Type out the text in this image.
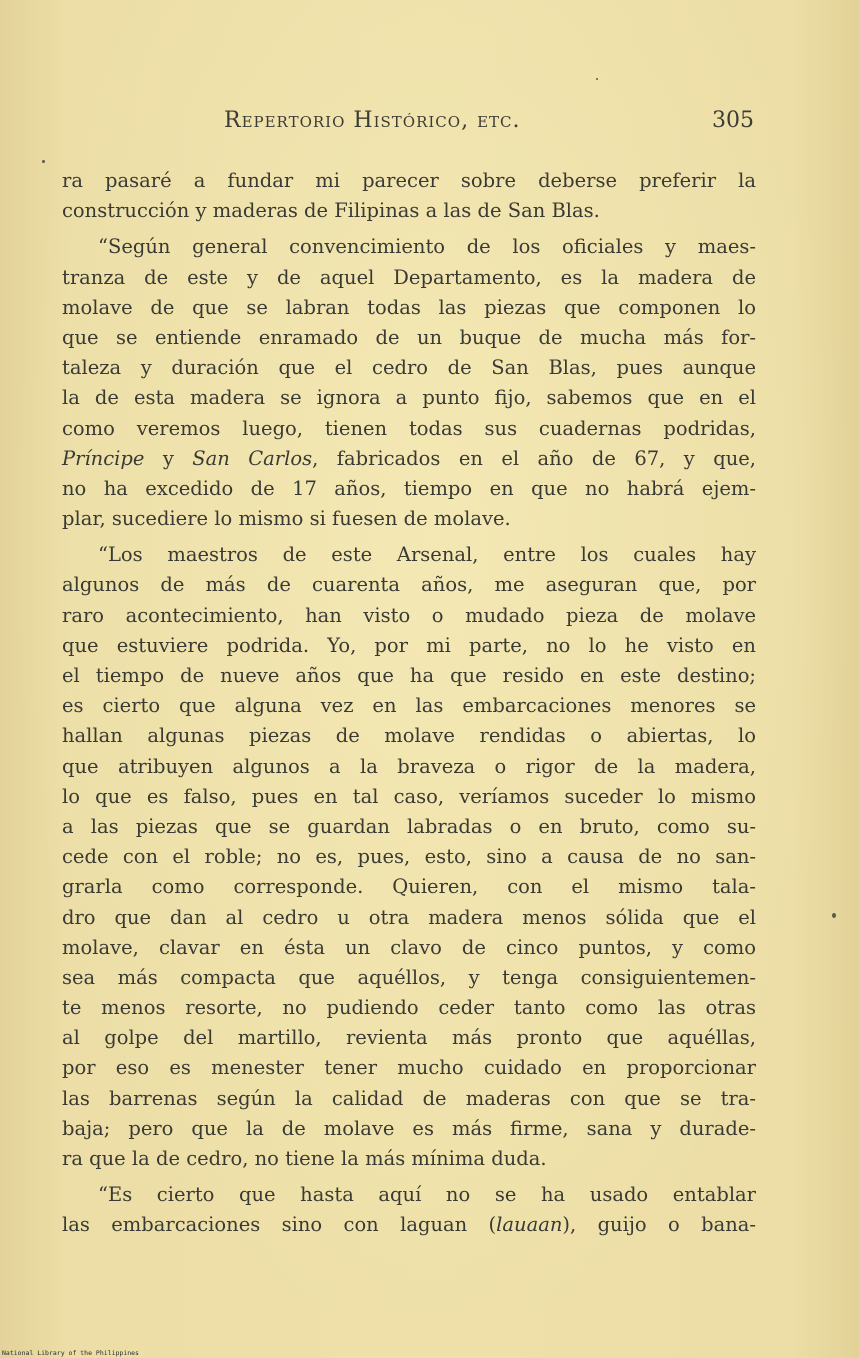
Repertorio Histórico, etc.	305
ra pasaré a fundar mi parecer sobre deberse preferir la
construcción y maderas de Filipinas a las de San Blas.
“Según general convencimiento de los oficiales y maes-
tranza de este y de aquel Departamento, es la madera de
molave de que se labran todas las piezas que componen lo
que se entiende enramado de un buque de mucha más for-
taleza y duración que el cedro de San Blas, pues aunque
la de esta madera se ignora a punto fijo, sabemos que en el
como veremos luego, tienen todas sus cuadernas podridas,
Príncipe y San Carlos, fabricados en el año de 67, y que,
no ha excedido de 17 años, tiempo en que no habrá ejem-
plar, sucediere lo mismo si fuesen de molave.
“Los maestros de este Arsenal, entre los cuales hay
algunos de más de cuarenta años, me aseguran que, por
raro acontecimiento, han visto o mudado pieza de molave
que estuviere podrida. Yo, por mi parte, no lo he visto en
el tiempo de nueve años que ha que resido en este destino;
es cierto que alguna vez en las embarcaciones menores se
hallan algunas piezas de molave rendidas o abiertas, lo
que atribuyen algunos a la braveza o rigor de la madera,
lo que es falso, pues en tal caso, veríamos suceder lo mismo
a las piezas que se guardan labradas o en bruto, como su-
cede con el roble; no es, pues, esto, sino a causa de no san-
grarla como corresponde. Quieren, con el mismo tala-
dro que dan al cedro u otra madera menos sólida que el
molave, clavar en ésta un clavo de cinco puntos, y como
sea más compacta que aquéllos, y tenga consiguientemen-
te menos resorte, no pudiendo ceder tanto como las otras
al golpe del martillo, revienta más pronto que aquéllas,
por eso es menester tener mucho cuidado en proporcionar
las barrenas según la calidad de maderas con que se tra-
baja; pero que la de molave es más firme, sana y durade-
ra que la de cedro, no tiene la más mínima duda.
“Es cierto que hasta aquí no se ha usado entablar
las embarcaciones sino con laguan (lauaan), guijo o bana-
National Library of the Philippines
